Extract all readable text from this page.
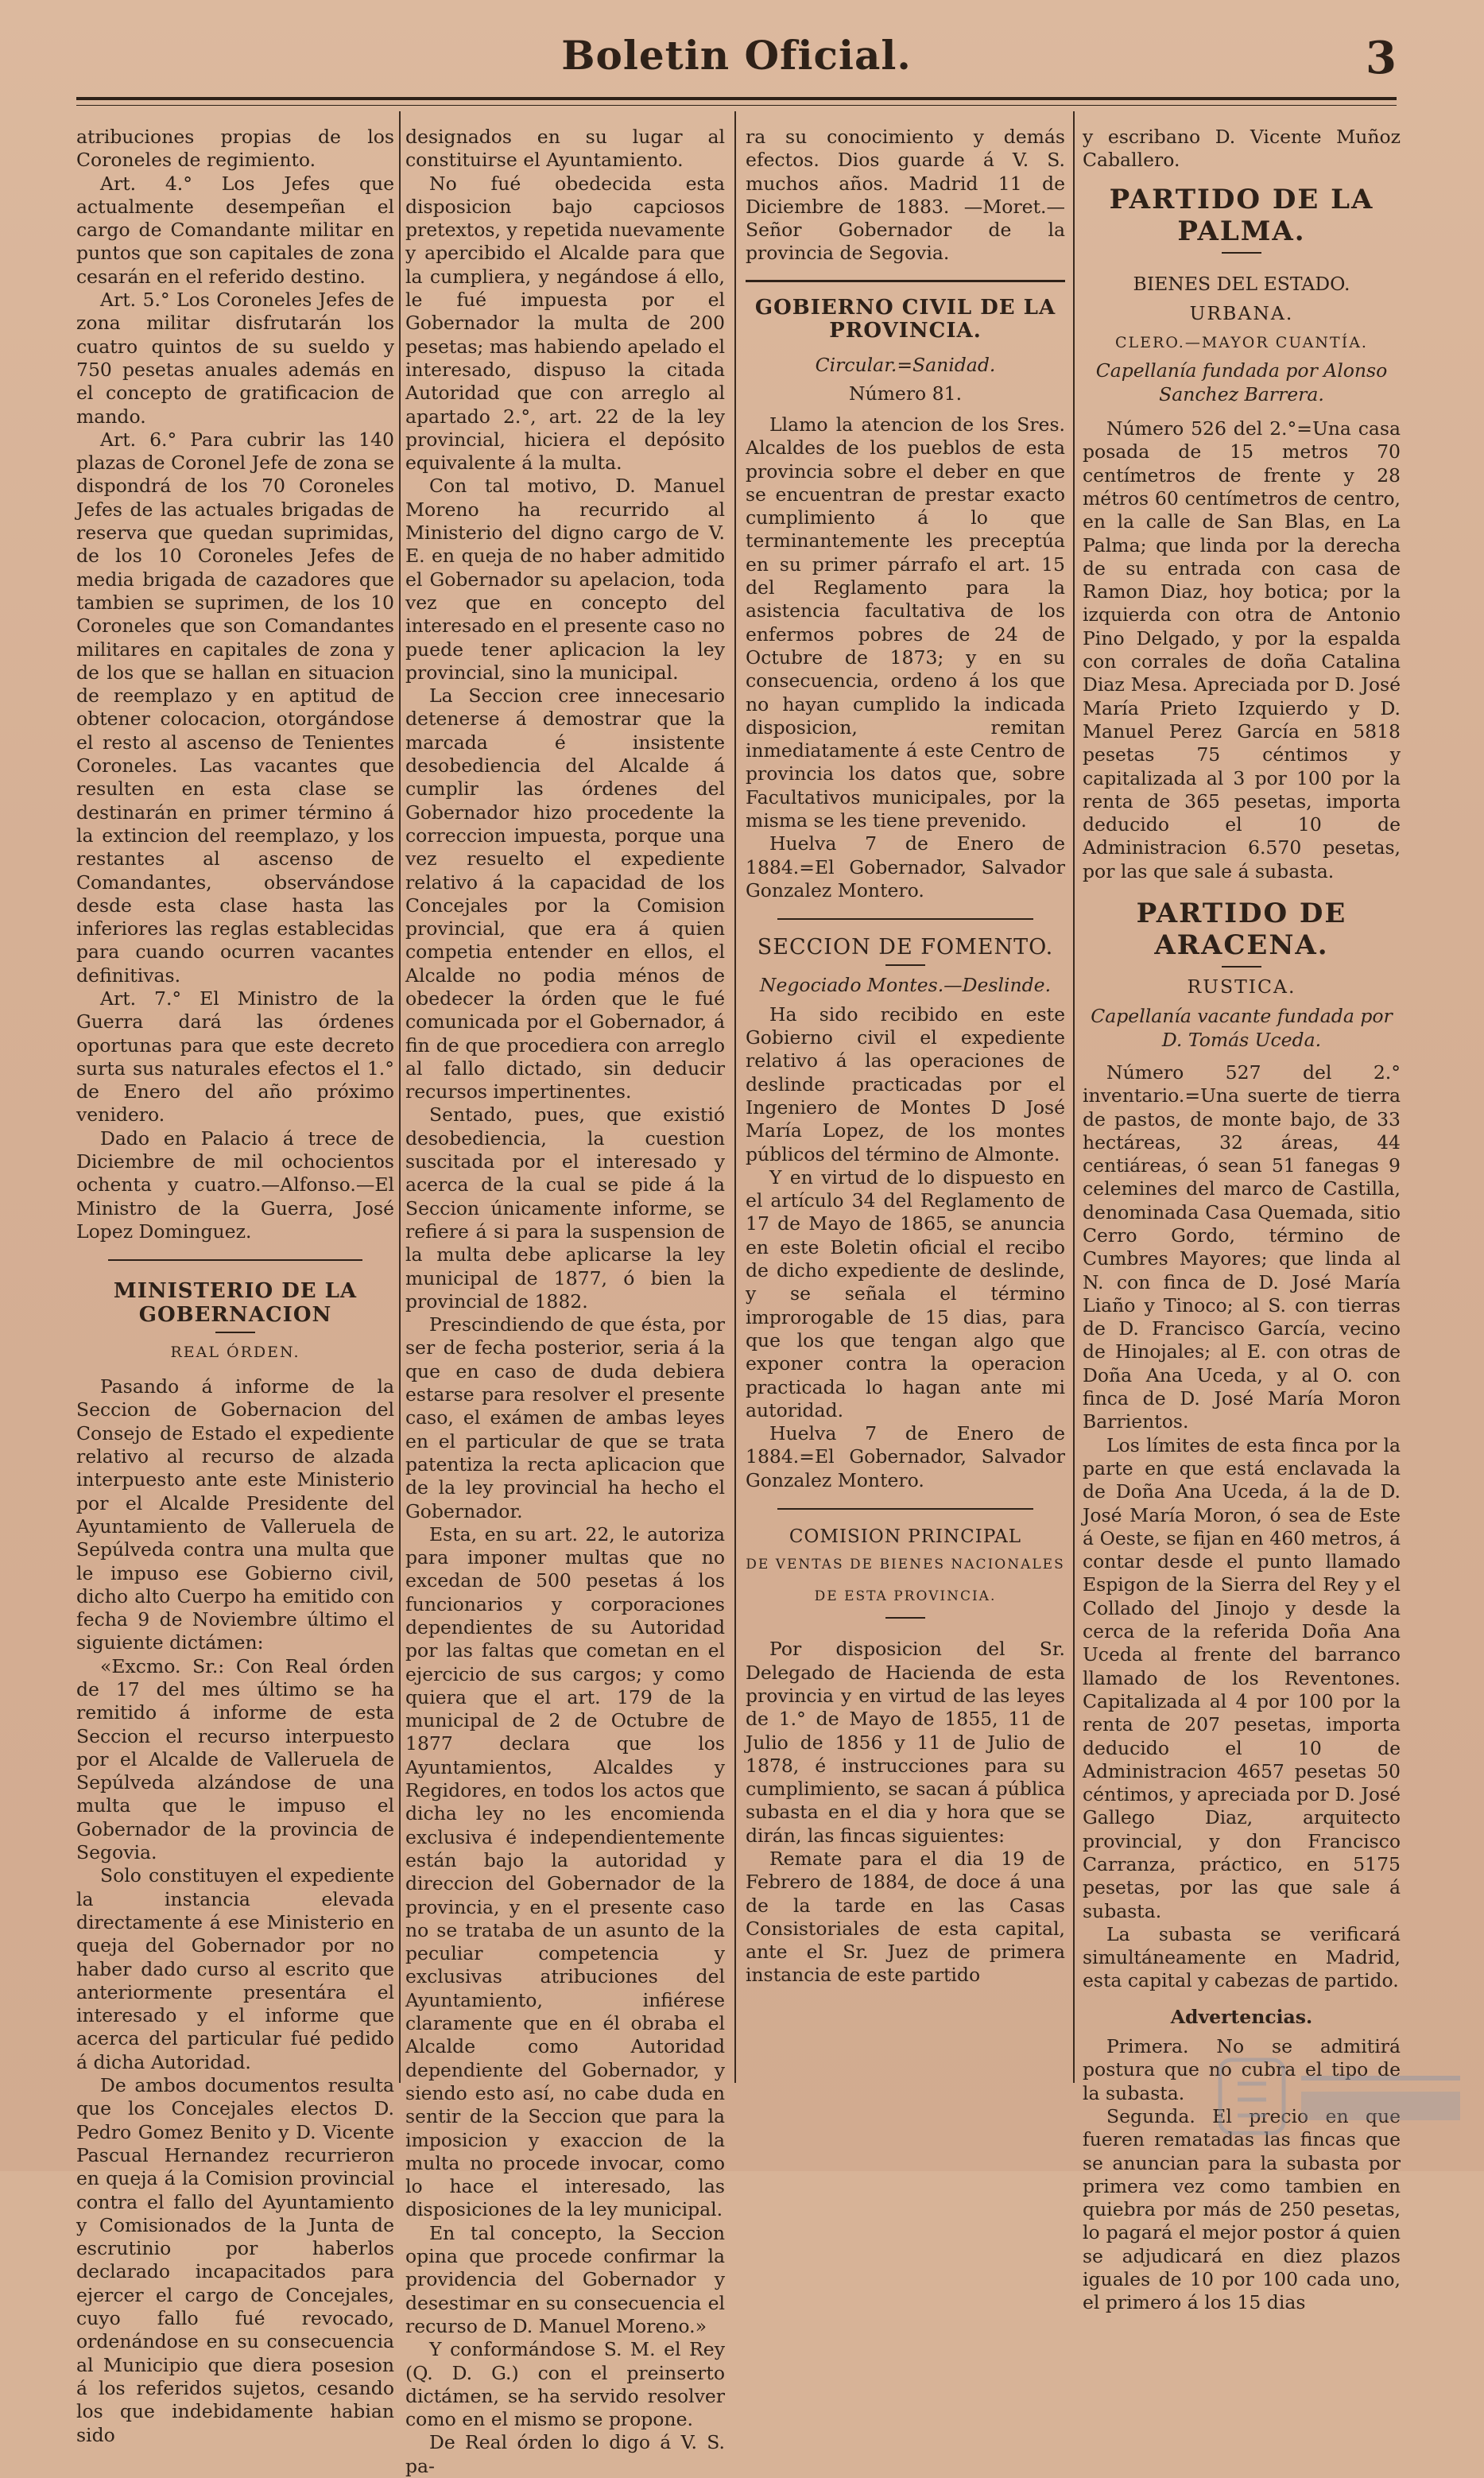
Boletin Oficial.	3

atribuciones propias de los Coroneles de regimiento.

Art. 4.° Los Jefes que actualmente desempeñan el cargo de Comandante militar en puntos que son capitales de zona cesarán en el referido destino.

Art. 5.° Los Coroneles Jefes de zona militar disfrutarán los cuatro quintos de su sueldo y 750 pesetas anuales además en el concepto de gratificacion de mando.

Art. 6.° Para cubrir las 140 plazas de Coronel Jefe de zona se dispondrá de los 70 Coroneles Jefes de las actuales brigadas de reserva que quedan suprimidas, de los 10 Coroneles Jefes de media brigada de cazadores que tambien se suprimen, de los 10 Coroneles que son Comandantes militares en capitales de zona y de los que se hallan en situacion de reemplazo y en aptitud de obtener colocacion, otorgándose el resto al ascenso de Tenientes Coroneles. Las vacantes que resulten en esta clase se destinarán en primer término á la extincion del reemplazo, y los restantes al ascenso de Comandantes, observándose desde esta clase hasta las inferiores las reglas establecidas para cuando ocurren vacantes definitivas.

Art. 7.° El Ministro de la Guerra dará las órdenes oportunas para que este decreto surta sus naturales efectos el 1.° de Enero del año próximo venidero.

Dado en Palacio á trece de Diciembre de mil ochocientos ochenta y cuatro.—Alfonso.—El Ministro de la Guerra, José Lopez Dominguez.

MINISTERIO DE LA GOBERNACION

REAL ÓRDEN.

Pasando á informe de la Seccion de Gobernacion del Consejo de Estado el expediente relativo al recurso de alzada interpuesto ante este Ministerio por el Alcalde Presidente del Ayuntamiento de Valleruela de Sepúlveda contra una multa que le impuso ese Gobierno civil, dicho alto Cuerpo ha emitido con fecha 9 de Noviembre último el siguiente dictámen:

«Excmo. Sr.: Con Real órden de 17 del mes último se ha remitido á informe de esta Seccion el recurso interpuesto por el Alcalde de Valleruela de Sepúlveda alzándose de una multa que le impuso el Gobernador de la provincia de Segovia.

Solo constituyen el expediente la instancia elevada directamente á ese Ministerio en queja del Gobernador por no haber dado curso al escrito que anteriormente presentára el interesado y el informe que acerca del particular fué pedido á dicha Autoridad.

De ambos documentos resulta que los Concejales electos D. Pedro Gomez Benito y D. Vicente Pascual Hernandez recurrieron en queja á la Comision provincial contra el fallo del Ayuntamiento y Comisionados de la Junta de escrutinio por haberlos declarado incapacitados para ejercer el cargo de Concejales, cuyo fallo fué revocado, ordenándose en su consecuencia al Municipio que diera posesion á los referidos sujetos, cesando los que indebidamente habian sido

designados en su lugar al constituirse el Ayuntamiento.

No fué obedecida esta disposicion bajo capciosos pretextos, y repetida nuevamente y apercibido el Alcalde para que la cumpliera, y negándose á ello, le fué impuesta por el Gobernador la multa de 200 pesetas; mas habiendo apelado el interesado, dispuso la citada Autoridad que con arreglo al apartado 2.°, art. 22 de la ley provincial, hiciera el depósito equivalente á la multa.

Con tal motivo, D. Manuel Moreno ha recurrido al Ministerio del digno cargo de V. E. en queja de no haber admitido el Gobernador su apelacion, toda vez que en concepto del interesado en el presente caso no puede tener aplicacion la ley provincial, sino la municipal.

La Seccion cree innecesario detenerse á demostrar que la marcada é insistente desobediencia del Alcalde á cumplir las órdenes del Gobernador hizo procedente la correccion impuesta, porque una vez resuelto el expediente relativo á la capacidad de los Concejales por la Comision provincial, que era á quien competia entender en ellos, el Alcalde no podia ménos de obedecer la órden que le fué comunicada por el Gobernador, á fin de que procediera con arreglo al fallo dictado, sin deducir recursos impertinentes.

Sentado, pues, que existió desobediencia, la cuestion suscitada por el interesado y acerca de la cual se pide á la Seccion únicamente informe, se refiere á si para la suspension de la multa debe aplicarse la ley municipal de 1877, ó bien la provincial de 1882.

Prescindiendo de que ésta, por ser de fecha posterior, seria á la que en caso de duda debiera estarse para resolver el presente caso, el exámen de ambas leyes en el particular de que se trata patentiza la recta aplicacion que de la ley provincial ha hecho el Gobernador.

Esta, en su art. 22, le autoriza para imponer multas que no excedan de 500 pesetas á los funcionarios y corporaciones dependientes de su Autoridad por las faltas que cometan en el ejercicio de sus cargos; y como quiera que el art. 179 de la municipal de 2 de Octubre de 1877 declara que los Ayuntamientos, Alcaldes y Regidores, en todos los actos que dicha ley no les encomienda exclusiva é independientemente están bajo la autoridad y direccion del Gobernador de la provincia, y en el presente caso no se trataba de un asunto de la peculiar competencia y exclusivas atribuciones del Ayuntamiento, infiérese claramente que en él obraba el Alcalde como Autoridad dependiente del Gobernador, y siendo esto así, no cabe duda en sentir de la Seccion que para la imposicion y exaccion de la multa no procede invocar, como lo hace el interesado, las disposiciones de la ley municipal.

En tal concepto, la Seccion opina que procede confirmar la providencia del Gobernador y desestimar en su consecuencia el recurso de D. Manuel Moreno.»

Y conformándose S. M. el Rey (Q. D. G.) con el preinserto dictámen, se ha servido resolver como en el mismo se propone.

De Real órden lo digo á V. S. pa-

ra su conocimiento y demás efectos. Dios guarde á V. S. muchos años. Madrid 11 de Diciembre de 1883. —Moret.—Señor Gobernador de la provincia de Segovia.

GOBIERNO CIVIL DE LA PROVINCIA.

Circular.=Sanidad.

Número 81.

Llamo la atencion de los Sres. Alcaldes de los pueblos de esta provincia sobre el deber en que se encuentran de prestar exacto cumplimiento á lo que terminantemente les preceptúa en su primer párrafo el art. 15 del Reglamento para la asistencia facultativa de los enfermos pobres de 24 de Octubre de 1873; y en su consecuencia, ordeno á los que no hayan cumplido la indicada disposicion, remitan inmediatamente á este Centro de provincia los datos que, sobre Facultativos municipales, por la misma se les tiene prevenido.

Huelva 7 de Enero de 1884.=El Gobernador, Salvador Gonzalez Montero.

SECCION DE FOMENTO.

Negociado Montes.—Deslinde.

Ha sido recibido en este Gobierno civil el expediente relativo á las operaciones de deslinde practicadas por el Ingeniero de Montes D José María Lopez, de los montes públicos del término de Almonte.

Y en virtud de lo dispuesto en el artículo 34 del Reglamento de 17 de Mayo de 1865, se anuncia en este Boletin oficial el recibo de dicho expediente de deslinde, y se señala el término improrogable de 15 dias, para que los que tengan algo que exponer contra la operacion practicada lo hagan ante mi autoridad.

Huelva 7 de Enero de 1884.=El Gobernador, Salvador Gonzalez Montero.

COMISION PRINCIPAL

DE VENTAS DE BIENES NACIONALES DE ESTA PROVINCIA.

Por disposicion del Sr. Delegado de Hacienda de esta provincia y en virtud de las leyes de 1.° de Mayo de 1855, 11 de Julio de 1856 y 11 de Julio de 1878, é instrucciones para su cumplimiento, se sacan á pública subasta en el dia y hora que se dirán, las fincas siguientes:

Remate para el dia 19 de Febrero de 1884, de doce á una de la tarde en las Casas Consistoriales de esta capital, ante el Sr. Juez de primera instancia de este partido

y escribano D. Vicente Muñoz Caballero.

PARTIDO DE LA PALMA.

BIENES DEL ESTADO.

URBANA.

CLERO.—MAYOR CUANTÍA.

Capellanía fundada por Alonso Sanchez Barrera.

Número 526 del 2.°=Una casa posada de 15 metros 70 centímetros de frente y 28 métros 60 centímetros de centro, en la calle de San Blas, en La Palma; que linda por la derecha de su entrada con casa de Ramon Diaz, hoy botica; por la izquierda con otra de Antonio Pino Delgado, y por la espalda con corrales de doña Catalina Diaz Mesa. Apreciada por D. José María Prieto Izquierdo y D. Manuel Perez García en 5818 pesetas 75 céntimos y capitalizada al 3 por 100 por la renta de 365 pesetas, importa deducido el 10 de Administracion 6.570 pesetas, por las que sale á subasta.

PARTIDO DE ARACENA.

RUSTICA.

Capellanía vacante fundada por D. Tomás Uceda.

Número 527 del 2.° inventario.=Una suerte de tierra de pastos, de monte bajo, de 33 hectáreas, 32 áreas, 44 centiáreas, ó sean 51 fanegas 9 celemines del marco de Castilla, denominada Casa Quemada, sitio Cerro Gordo, término de Cumbres Mayores; que linda al N. con finca de D. José María Liaño y Tinoco; al S. con tierras de D. Francisco García, vecino de Hinojales; al E. con otras de Doña Ana Uceda, y al O. con finca de D. José María Moron Barrientos.

Los límites de esta finca por la parte en que está enclavada la de Doña Ana Uceda, á la de D. José María Moron, ó sea de Este á Oeste, se fijan en 460 metros, á contar desde el punto llamado Espigon de la Sierra del Rey y el Collado del Jinojo y desde la cerca de la referida Doña Ana Uceda al frente del barranco llamado de los Reventones. Capitalizada al 4 por 100 por la renta de 207 pesetas, importa deducido el 10 de Administracion 4657 pesetas 50 céntimos, y apreciada por D. José Gallego Diaz, arquitecto provincial, y don Francisco Carranza, práctico, en 5175 pesetas, por las que sale á subasta.

La subasta se verificará simultáneamente en Madrid, esta capital y cabezas de partido.

Advertencias.

Primera. No se admitirá postura que no cubra el tipo de la subasta.

Segunda. El precio en que fueren rematadas las fincas que se anuncian para la subasta por primera vez como tambien en quiebra por más de 250 pesetas, lo pagará el mejor postor á quien se adjudicará en diez plazos iguales de 10 por 100 cada uno, el primero á los 15 dias
